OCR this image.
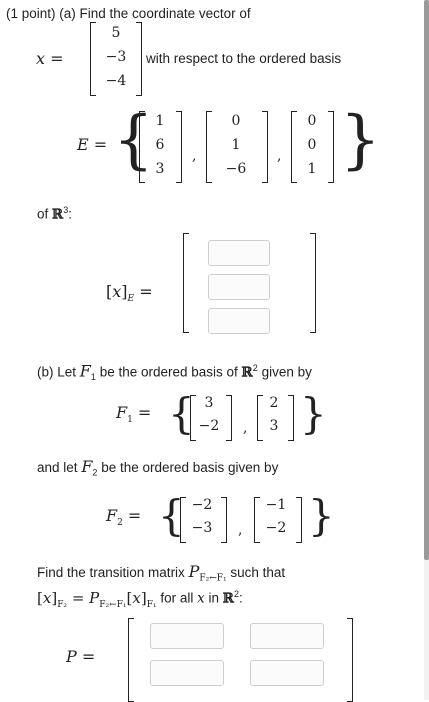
(1 point) (a) Find the coordinate vector of
x =
5
−3
−4
with respect to the ordered basis
E = { 1
6
3
,
0
1
−6
,
0
0
1 }
of ℝ$^3$:
$[x]_E$ =
(b) Let $F_1$ be the ordered basis of ℝ$^2$ given by
$F_1$ = { 3
−2 ,
2
3 }
and let $F_2$ be the ordered basis given by
$F_2$ = { −2
−3	,
−1
−2 }
Find the transition matrix $P_{F_2\leftarrow F_1}$ such that
$[x]_{F_2} = P_{F_2\leftarrow F_1}[x]_{F_1}$ for all x in ℝ$^2$:
P =
